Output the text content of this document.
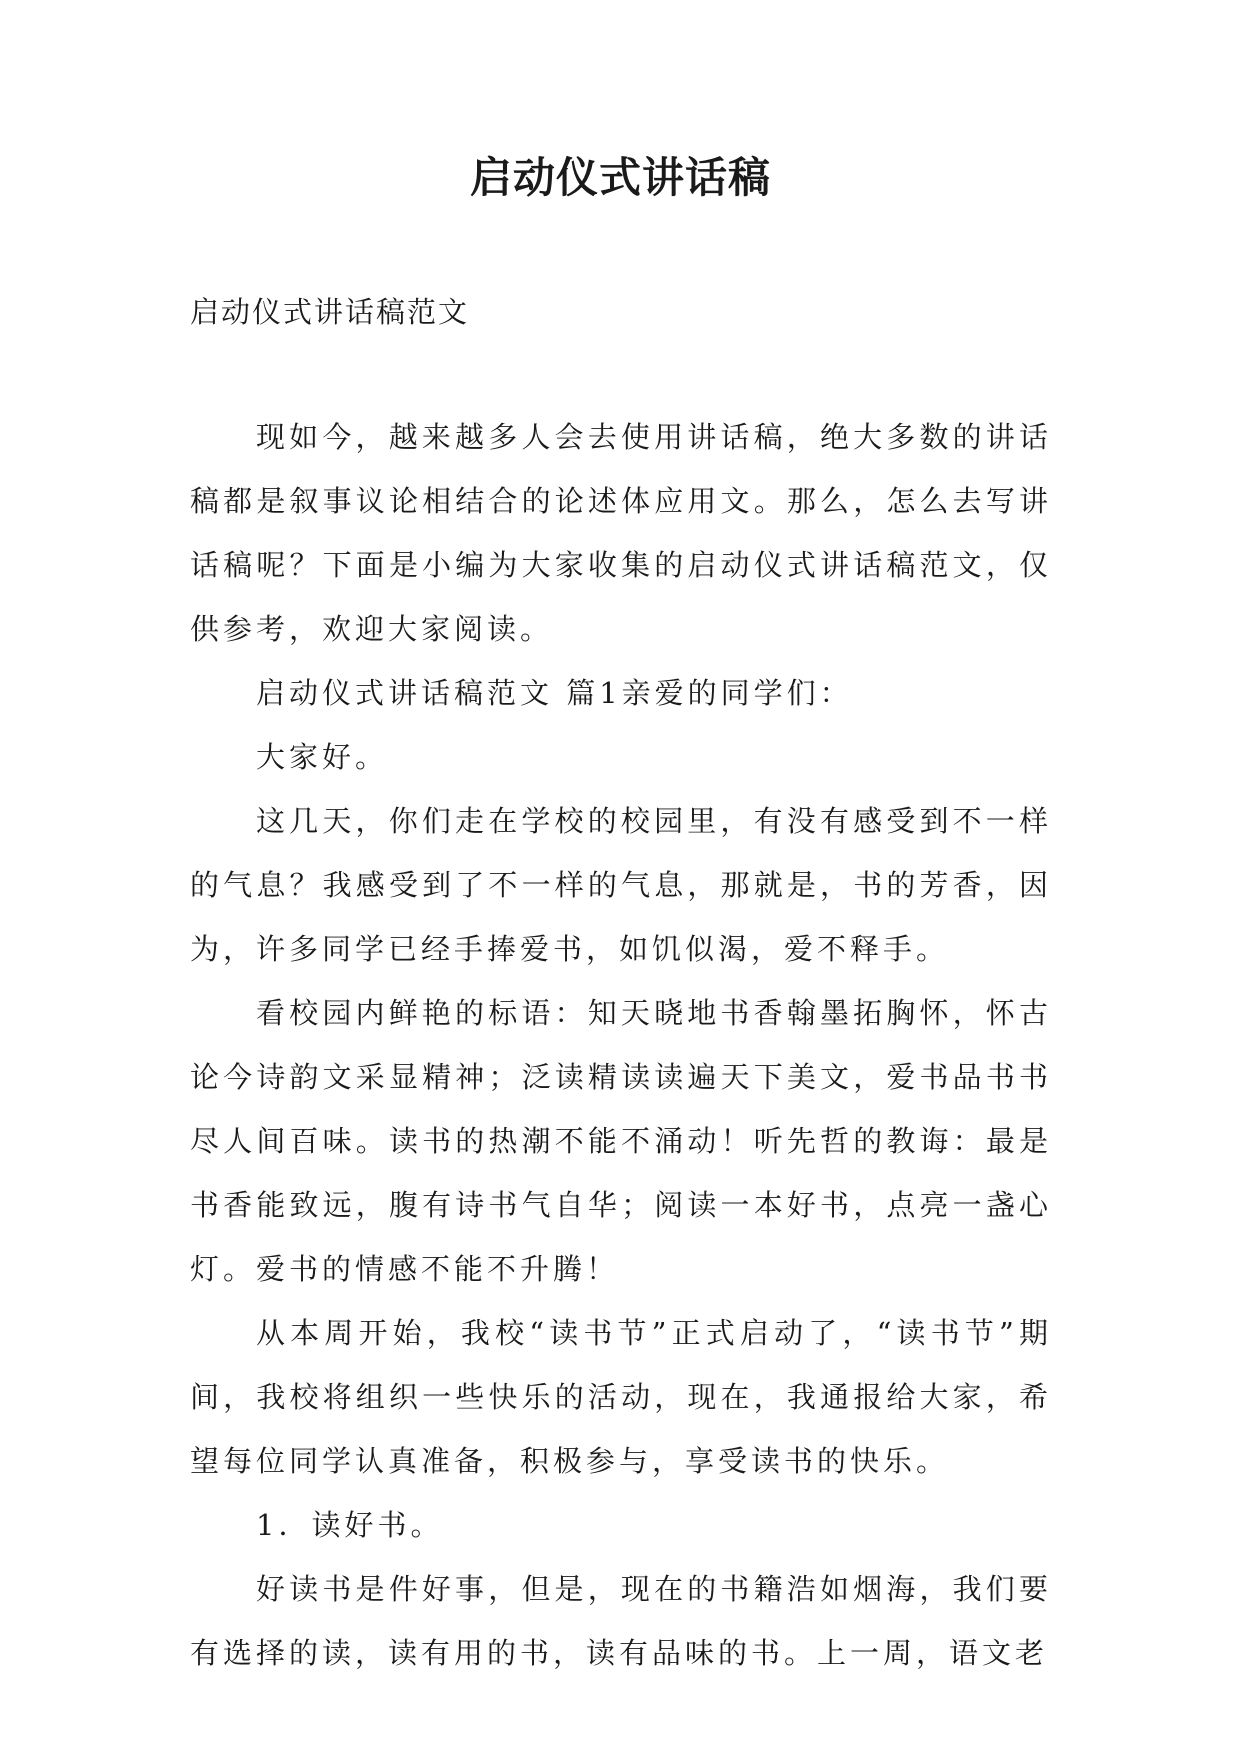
启动仪式讲话稿

启动仪式讲话稿范文

现如今，越来越多人会去使用讲话稿，绝大多数的讲话稿都是叙事议论相结合的论述体应用文。那么，怎么去写讲话稿呢？下面是小编为大家收集的启动仪式讲话稿范文，仅供参考，欢迎大家阅读。

启动仪式讲话稿范文 篇1亲爱的同学们：

大家好。

这几天，你们走在学校的校园里，有没有感受到不一样的气息？我感受到了不一样的气息，那就是，书的芳香，因为，许多同学已经手捧爱书，如饥似渴，爱不释手。

看校园内鲜艳的标语：知天晓地书香翰墨拓胸怀，怀古论今诗韵文采显精神；泛读精读读遍天下美文，爱书品书书尽人间百味。读书的热潮不能不涌动！听先哲的教诲：最是书香能致远，腹有诗书气自华；阅读一本好书，点亮一盏心灯。爱书的情感不能不升腾！

从本周开始，我校“读书节”正式启动了，“读书节”期间，我校将组织一些快乐的活动，现在，我通报给大家，希望每位同学认真准备，积极参与，享受读书的快乐。

1．读好书。

好读书是件好事，但是，现在的书籍浩如烟海，我们要有选择的读，读有用的书，读有品味的书。上一周，语文老
